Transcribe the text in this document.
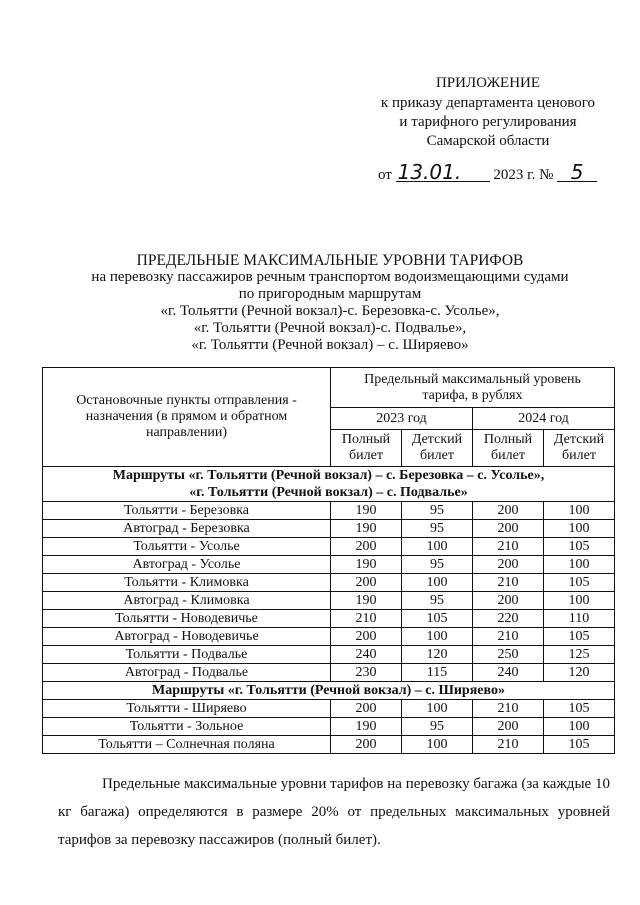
ПРИЛОЖЕНИЕ
к приказу департамента ценового
и тарифного регулирования
Самарской области
от 13.01. 2023 г. № 5
ПРЕДЕЛЬНЫЕ МАКСИМАЛЬНЫЕ УРОВНИ ТАРИФОВ
на перевозку пассажиров речным транспортом водоизмещающими судами
по пригородным маршрутам
«г. Тольятти (Речной вокзал)-с. Березовка-с. Усолье»,
«г. Тольятти (Речной вокзал)-с. Подвалье»,
«г. Тольятти (Речной вокзал) – с. Ширяево»
Остановочные пункты отправления - назначения (в прямом и обратном направлении)	Предельный максимальный уровень тарифа, в рублях			
	2023 год		2024 год	
	Полный билет	Детский билет	Полный билет	Детский билет

Маршруты «г. Тольятти (Речной вокзал) – с. Березовка – с. Усолье»,
«г. Тольятти (Речной вокзал) – с. Подвалье»				

Тольятти - Березовка	190	95	200	100
Автоград - Березовка	190	95	200	100
Тольятти - Усолье	200	100	210	105
Автоград - Усолье	190	95	200	100
Тольятти - Климовка	200	100	210	105
Автоград - Климовка	190	95	200	100
Тольятти - Новодевичье	210	105	220	110
Автоград - Новодевичье	200	100	210	105
Тольятти - Подвалье	240	120	250	125
Автоград - Подвалье	230	115	240	120
Маршруты «г. Тольятти (Речной вокзал) – с. Ширяево»				
Тольятти - Ширяево	200	100	210	105
Тольятти - Зольное	190	95	200	100
Тольятти – Солнечная поляна	200	100	210	105
Предельные максимальные уровни тарифов на перевозку багажа (за каждые 10 кг багажа) определяются в размере 20% от предельных максимальных уровней тарифов за перевозку пассажиров (полный билет).
